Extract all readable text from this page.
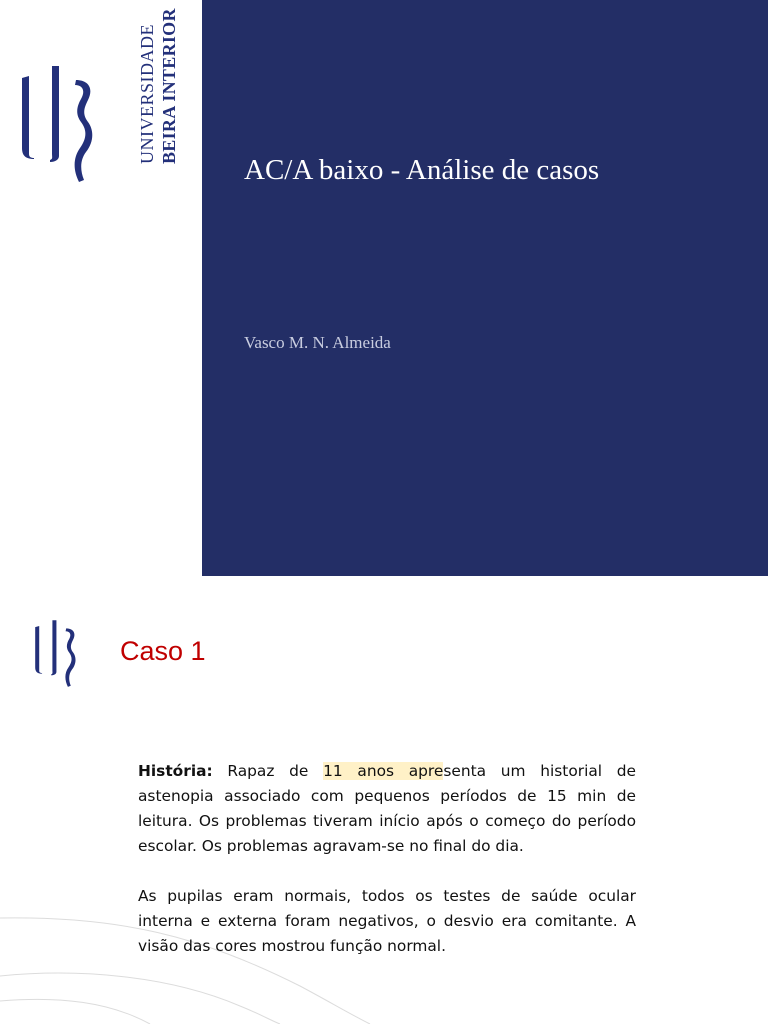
UNIVERSIDADE BEIRA INTERIOR
AC/A baixo - Análise de casos
Vasco M. N. Almeida
Caso 1

História: Rapaz de 11 anos apresenta um historial de astenopia associado com pequenos períodos de 15 min de leitura. Os problemas tiveram início após o começo do período escolar. Os problemas agravam-se no final do dia.

As pupilas eram normais, todos os testes de saúde ocular interna e externa foram negativos, o desvio era comitante. A visão das cores mostrou função normal.
